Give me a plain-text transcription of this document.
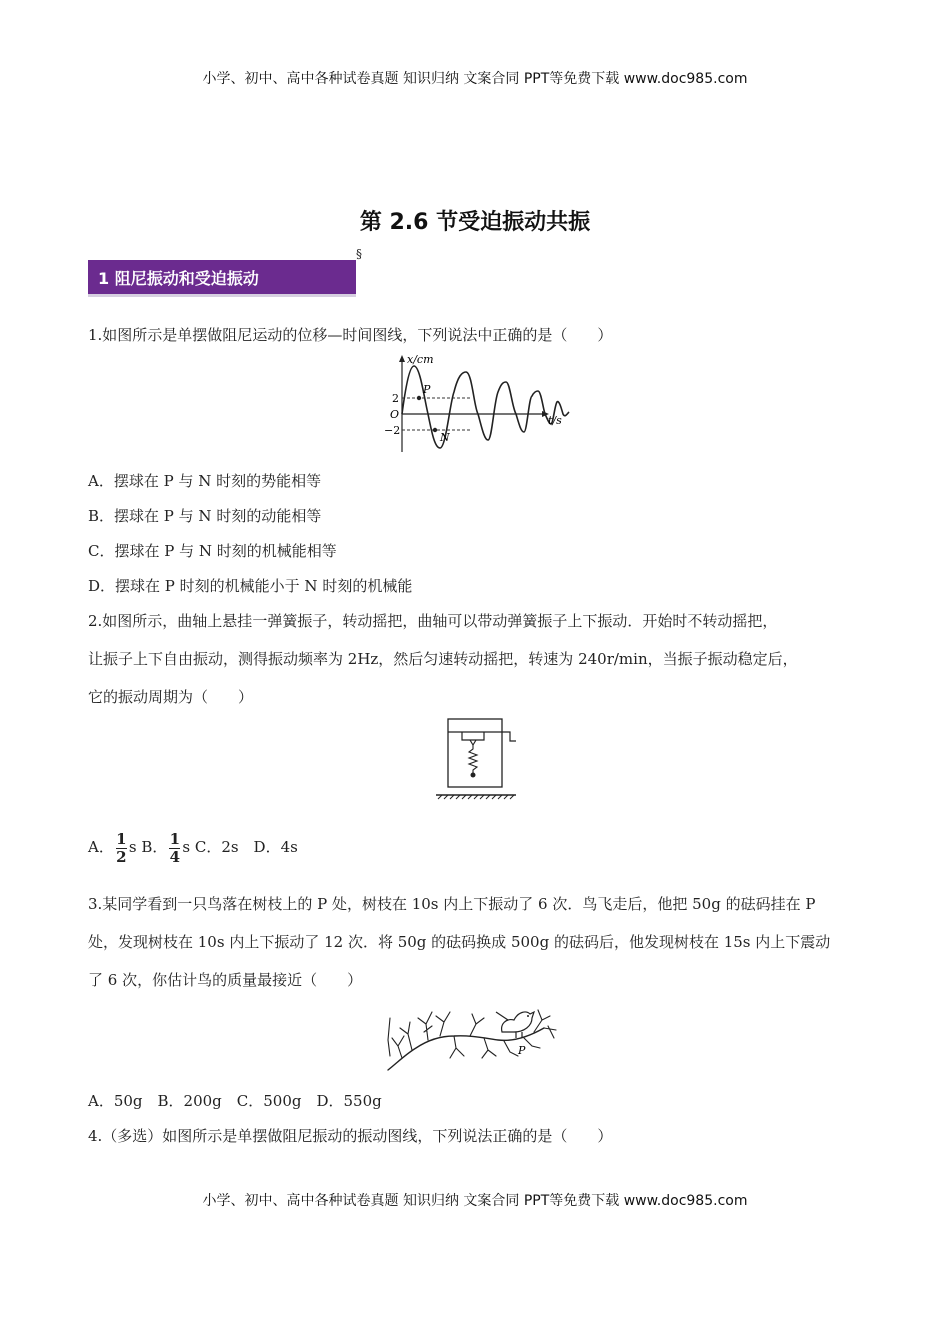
小学、初中、高中各种试卷真题 知识归纳 文案合同 PPT等免费下载 www.doc985.com
第 2.6 节受迫振动共振
§
1 阻尼振动和受迫振动
1.如图所示是单摆做阻尼运动的位移—时间图线，下列说法中正确的是（　　）
x/cm
t/s
O
2
−2
P
N
A．摆球在 P 与 N 时刻的势能相等
B．摆球在 P 与 N 时刻的动能相等
C．摆球在 P 与 N 时刻的机械能相等
D．摆球在 P 时刻的机械能小于 N 时刻的机械能
2.如图所示，曲轴上悬挂一弹簧振子，转动摇把，曲轴可以带动弹簧振子上下振动．开始时不转动摇把，
让振子上下自由振动，测得振动频率为 2Hz，然后匀速转动摇把，转速为 240r/min，当振子振动稳定后，
它的振动周期为（　　）
A． $\frac{1}{2}$ s B． $\frac{1}{4}$ s C．2s　D．4s
3.某同学看到一只鸟落在树枝上的 P 处，树枝在 10s 内上下振动了 6 次．鸟飞走后，他把 50g 的砝码挂在 P
处，发现树枝在 10s 内上下振动了 12 次．将 50g 的砝码换成 500g 的砝码后，他发现树枝在 15s 内上下震动
了 6 次，你估计鸟的质量最接近（　　）
P
A．50g　B．200g　C．500g　D．550g
4.（多选）如图所示是单摆做阻尼振动的振动图线，下列说法正确的是（　　）
小学、初中、高中各种试卷真题 知识归纳 文案合同 PPT等免费下载 www.doc985.com
